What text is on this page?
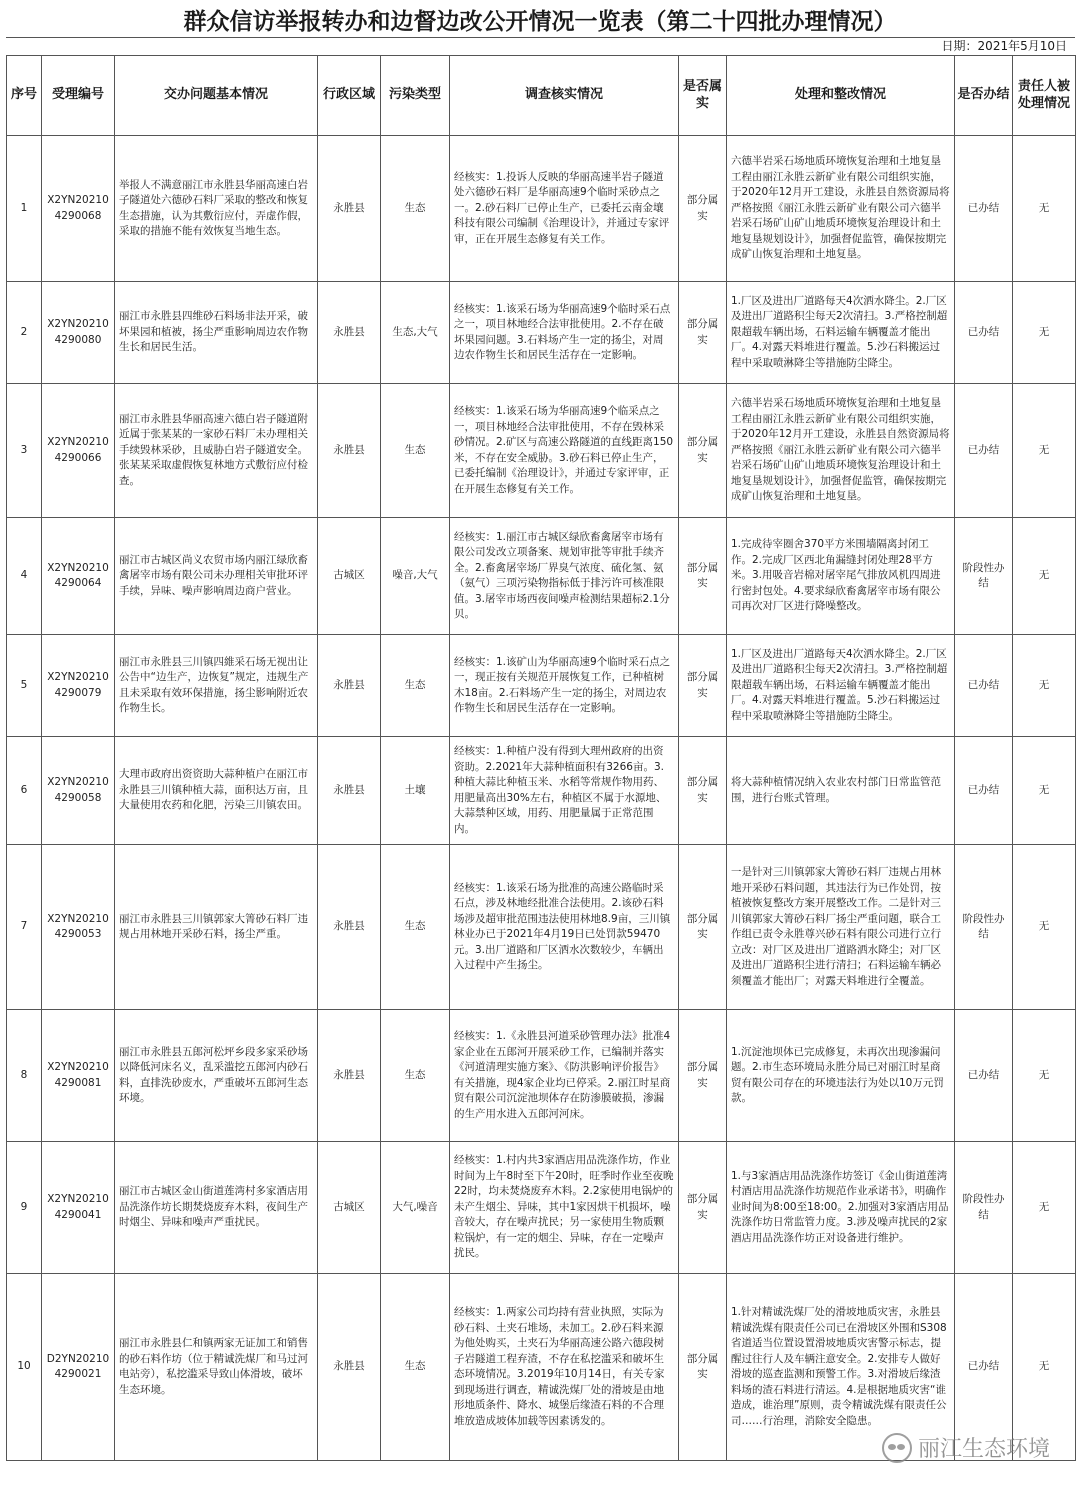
群众信访举报转办和边督边改公开情况一览表（第二十四批办理情况）
日期：2021年5月10日
序号	受理编号	交办问题基本情况	行政区域	污染类型	调查核实情况	是否属实	处理和整改情况	是否办结	责任人被处理情况
1	X2YN202104290068	举报人不满意丽江市永胜县华丽高速白岩子隧道处六德砂石料厂采取的整改和恢复生态措施，认为其敷衍应付，弄虚作假，采取的措施不能有效恢复当地生态。	永胜县	生态	经核实：1.投诉人反映的华丽高速半岩子隧道处六德砂石料厂是华丽高速9个临时采砂点之一。2.砂石料厂已停止生产，已委托云南金壤科技有限公司编制《治理设计》，并通过专家评审，正在开展生态修复有关工作。	部分属实	六德半岩采石场地质环境恢复治理和土地复垦工程由丽江永胜云新矿业有限公司组织实施，于2020年12月开工建设，永胜县自然资源局将严格按照《丽江永胜云新矿业有限公司六德半岩采石场矿山矿山地质环境恢复治理设计和土地复垦规划设计》，加强督促监管，确保按期完成矿山恢复治理和土地复垦。	已办结	无
2	X2YN202104290080	丽江市永胜县四维砂石料场非法开采，破坏果园和植被，扬尘严重影响周边农作物生长和居民生活。	永胜县	生态,大气	经核实：1.该采石场为华丽高速9个临时采石点之一，项目林地经合法审批使用。2.不存在破坏果园问题。3.石料场产生一定的扬尘，对周边农作物生长和居民生活存在一定影响。	部分属实	1.厂区及进出厂道路每天4次洒水降尘。2.厂区及进出厂道路积尘每天2次清扫。3.严格控制超限超载车辆出场，石料运输车辆覆盖才能出厂。4.对露天料堆进行覆盖。5.沙石料搬运过程中采取喷淋降尘等措施防尘降尘。	已办结	无
3	X2YN202104290066	丽江市永胜县华丽高速六德白岩子隧道附近属于张某某的一家砂石料厂未办理相关手续毁林采砂，且威胁白岩子隧道安全。张某某采取虚假恢复林地方式敷衍应付检查。	永胜县	生态	经核实：1.该采石场为华丽高速9个临采点之一，项目林地经合法审批使用，不存在毁林采砂情况。2.矿区与高速公路隧道的直线距离150米，不存在安全威胁。3.砂石料已停止生产，已委托编制《治理设计》，并通过专家评审，正在开展生态修复有关工作。	部分属实	六德半岩采石场地质环境恢复治理和土地复垦工程由丽江永胜云新矿业有限公司组织实施，于2020年12月开工建设，永胜县自然资源局将严格按照《丽江永胜云新矿业有限公司六德半岩采石场矿山矿山地质环境恢复治理设计和土地复垦规划设计》，加强督促监管，确保按期完成矿山恢复治理和土地复垦。	已办结	无
4	X2YN202104290064	丽江市古城区尚义农贸市场内丽江绿欣畜禽屠宰市场有限公司未办理相关审批环评手续，异味、噪声影响周边商户营业。	古城区	噪音,大气	经核实：1.丽江市古城区绿欣畜禽屠宰市场有限公司发改立项备案、规划审批等审批手续齐全。2.畜禽屠宰场厂界臭气浓度、硫化氢、氨（氨气）三项污染物指标低于排污许可核准限值。3.屠宰市场西夜间噪声检测结果超标2.1分贝。	部分属实	1.完成待宰圈舍370平方米围墙隔离封闭工作。2.完成厂区西北角漏缝封闭处理28平方米。3.用吸音岩棉对屠宰尾气排放风机四周进行密封包处。4.要求绿欣畜禽屠宰市场有限公司再次对厂区进行降噪整改。	阶段性办结	无
5	X2YN202104290079	丽江市永胜县三川镇四維采石场无视出让公告中“边生产，边恢复”规定，违规生产且未采取有效环保措施，扬尘影响附近农作物生长。	永胜县	生态	经核实：1.该矿山为华丽高速9个临时采石点之一，现正按有关规范开展恢复工作，已种植树木18亩。2.石料场产生一定的扬尘，对周边农作物生长和居民生活存在一定影响。	部分属实	1.厂区及进出厂道路每天4次洒水降尘。2.厂区及进出厂道路积尘每天2次清扫。3.严格控制超限超载车辆出场，石料运输车辆覆盖才能出厂。4.对露天料堆进行覆盖。5.沙石料搬运过程中采取喷淋降尘等措施防尘降尘。	已办结	无
6	X2YN202104290058	大理市政府出资资助大蒜种植户在丽江市永胜县三川镇种植大蒜，面积达万亩，且大量使用农药和化肥，污染三川镇农田。	永胜县	土壤	经核实：1.种植户没有得到大理州政府的出资资助。2.2021年大蒜种植面积有3266亩。3.种植大蒜比种植玉米、水稻等常规作物用药、用肥量高出30%左右，种植区不属于水源地、大蒜禁种区域，用药、用肥量属于正常范围内。	部分属实	将大蒜种植情况纳入农业农村部门日常监管范围，进行台账式管理。	已办结	无
7	X2YN202104290053	丽江市永胜县三川镇郭家大箐砂石料厂违规占用林地开采砂石料，扬尘严重。	永胜县	生态	经核实：1.该采石场为批准的高速公路临时采石点，涉及林地经批准合法使用。2.该砂石料场涉及超审批范围违法使用林地8.9亩，三川镇林业办已于2021年4月19日已处罚款59470元。3.出厂道路和厂区洒水次数较少，车辆出入过程中产生扬尘。	部分属实	一是针对三川镇郭家大箐砂石料厂违规占用林地开采砂石料问题，其违法行为已作处罚，按植被恢复整改方案开展整改工作。二是针对三川镇郭家大箐砂石料厂扬尘严重问题，联合工作组已责令永胜尊兴砂石料有限公司进行立行立改：对厂区及进出厂道路洒水降尘；对厂区及进出厂道路积尘进行清扫；石料运输车辆必须覆盖才能出厂；对露天料堆进行全覆盖。	阶段性办结	无
8	X2YN202104290081	丽江市永胜县五郎河松坪乡段多家采砂场以降低河床名义，乱采滥挖五郎河内砂石料，直排洗砂废水，严重破坏五郎河生态环境。	永胜县	生态	经核实：1.《永胜县河道采砂管理办法》批准4家企业在五郎河开展采砂工作，已编制并落实《河道清理实施方案》、《防洪影响评价报告》有关措施，现4家企业均已停采。2.丽江时星商贸有限公司沉淀池坝体存在防渗膜破损，渗漏的生产用水进入五郎河河床。	部分属实	1.沉淀池坝体已完成修复，未再次出现渗漏问题。2.市生态环境局永胜分局已对丽江时星商贸有限公司存在的环境违法行为处以10万元罚款。	已办结	无
9	X2YN202104290041	丽江市古城区金山街道莲湾村多家酒店用品洗涤作坊长期焚烧废弃木料，夜间生产时烟尘、异味和噪声严重扰民。	古城区	大气,噪音	经核实：1.村内共3家酒店用品洗涤作坊，作业时间为上午8时至下午20时，旺季时作业至夜晚22时，均未焚烧废弃木料。2.2家使用电锅炉的未产生烟尘、异味，其中1家因烘干机损坏，噪音较大，存在噪声扰民；另一家使用生物质颗粒锅炉，有一定的烟尘、异味，存在一定噪声扰民。	部分属实	1.与3家酒店用品洗涤作坊签订《金山街道莲湾村酒店用品洗涤作坊规范作业承诺书》，明确作业时间为8:00至18:00。2.加强对3家酒店用品洗涤作坊日常监管力度。3.涉及噪声扰民的2家酒店用品洗涤作坊正对设备进行维护。	阶段性办结	无
10	D2YN202104290021	丽江市永胜县仁和镇两家无证加工和销售的砂石料作坊（位于精诚洗煤厂和马过河电站旁），私挖滥采导致山体滑坡，破坏生态环境。	永胜县	生态	经核实：1.两家公司均持有营业执照，实际为砂石料、土夹石堆场，未加工。2.砂石料来源为他处购买，土夹石为华丽高速公路六德段树子岩隧道工程弃渣，不存在私挖滥采和破坏生态环境情况。3.2019年10月14日，有关专家到现场进行调查，精诚洗煤厂处的滑坡是由地形地质条件、降水、城堡后缘渣石料的不合理堆放造成坡体加载等因素诱发的。	部分属实	1.针对精诚洗煤厂处的滑坡地质灾害，永胜县精诚洗煤有限责任公司已在滑坡区外围和S308省道适当位置设置滑坡地质灾害警示标志，提醒过往行人及车辆注意安全。2.安排专人做好滑坡的巡查监测和预警工作。3.对滑坡后缘渣料场的渣石料进行清运。4.是根据地质灾害“谁造成，谁治理”原则，责令精诚洗煤有限责任公司……行治理，消除安全隐患。	已办结	无
丽江生态环境
